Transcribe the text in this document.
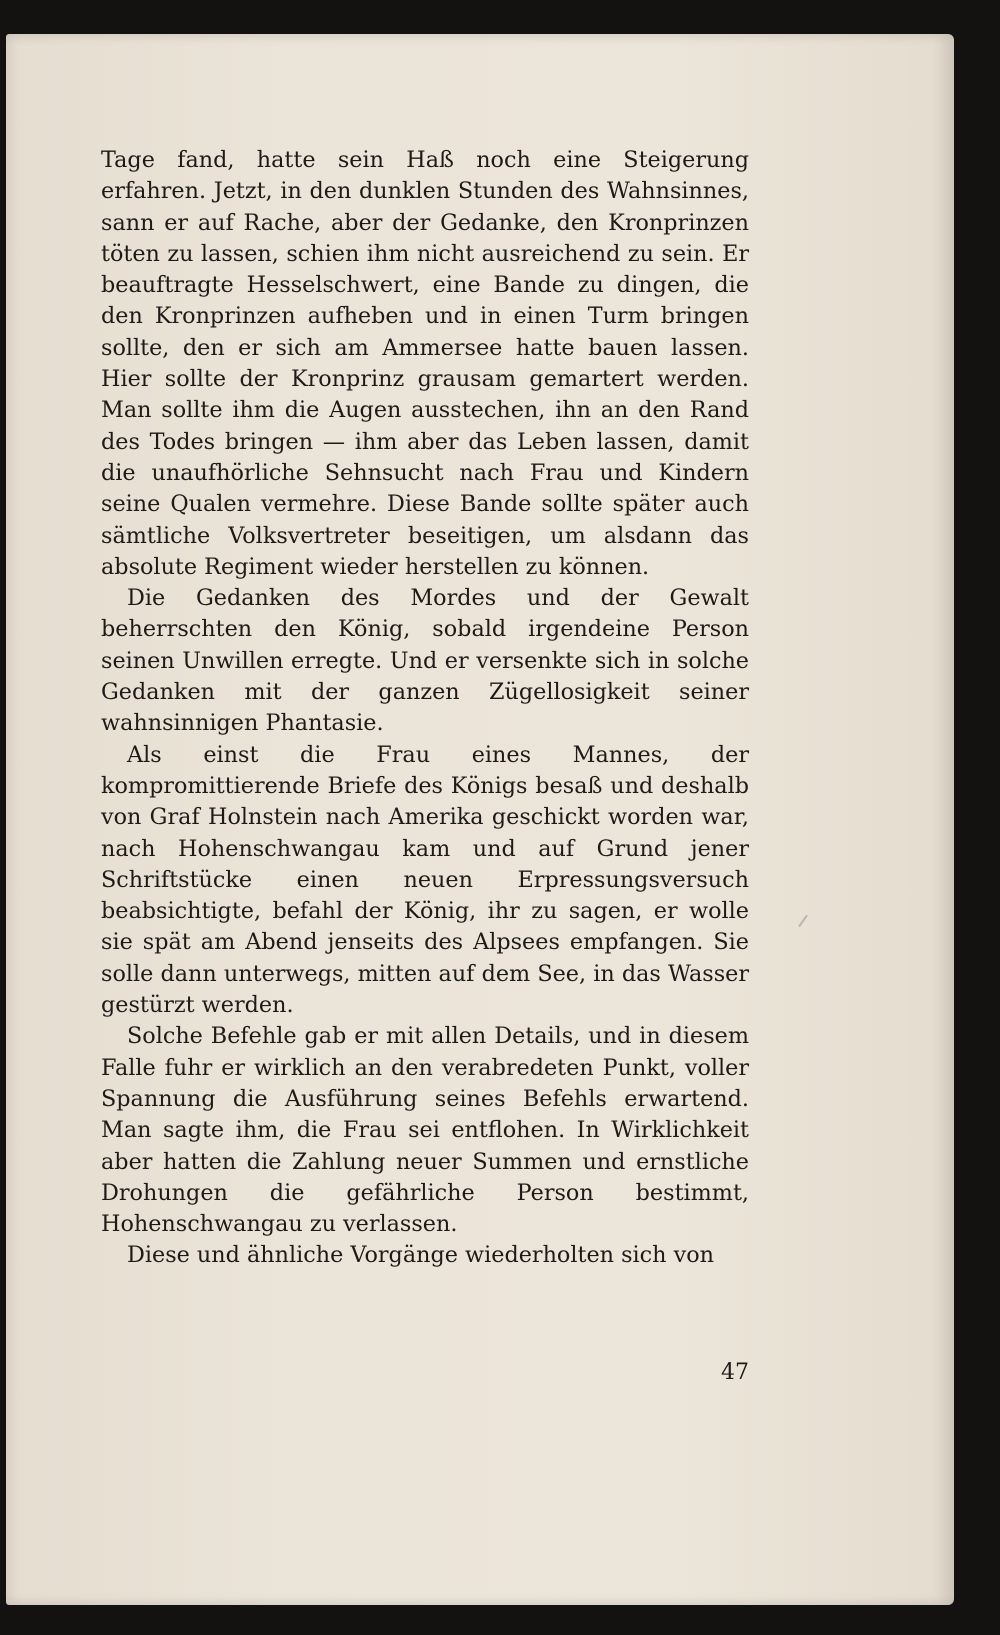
Tage fand, hatte sein Haß noch eine Steigerung erfahren. Jetzt, in den dunklen Stunden des Wahnsinnes, sann er auf Rache, aber der Gedanke, den Kronprinzen töten zu lassen, schien ihm nicht ausreichend zu sein. Er beauftragte Hesselschwert, eine Bande zu dingen, die den Kronprinzen aufheben und in einen Turm bringen sollte, den er sich am Ammersee hatte bauen lassen. Hier sollte der Kronprinz grausam gemartert werden. Man sollte ihm die Augen ausstechen, ihn an den Rand des Todes bringen — ihm aber das Leben lassen, damit die unaufhörliche Sehnsucht nach Frau und Kindern seine Qualen vermehre. Diese Bande sollte später auch sämtliche Volksvertreter beseitigen, um alsdann das absolute Regiment wieder herstellen zu können.

Die Gedanken des Mordes und der Gewalt beherrschten den König, sobald irgendeine Person seinen Unwillen erregte. Und er versenkte sich in solche Gedanken mit der ganzen Zügellosigkeit seiner wahnsinnigen Phantasie.

Als einst die Frau eines Mannes, der kompromittierende Briefe des Königs besaß und deshalb von Graf Holnstein nach Amerika geschickt worden war, nach Hohenschwangau kam und auf Grund jener Schriftstücke einen neuen Erpressungsversuch beabsichtigte, befahl der König, ihr zu sagen, er wolle sie spät am Abend jenseits des Alpsees empfangen. Sie solle dann unterwegs, mitten auf dem See, in das Wasser gestürzt werden.

Solche Befehle gab er mit allen Details, und in diesem Falle fuhr er wirklich an den verabredeten Punkt, voller Spannung die Ausführung seines Befehls erwartend. Man sagte ihm, die Frau sei entflohen. In Wirklichkeit aber hatten die Zahlung neuer Summen und ernstliche Drohungen die gefährliche Person bestimmt, Hohenschwangau zu verlassen.

Diese und ähnliche Vorgänge wiederholten sich von

47
